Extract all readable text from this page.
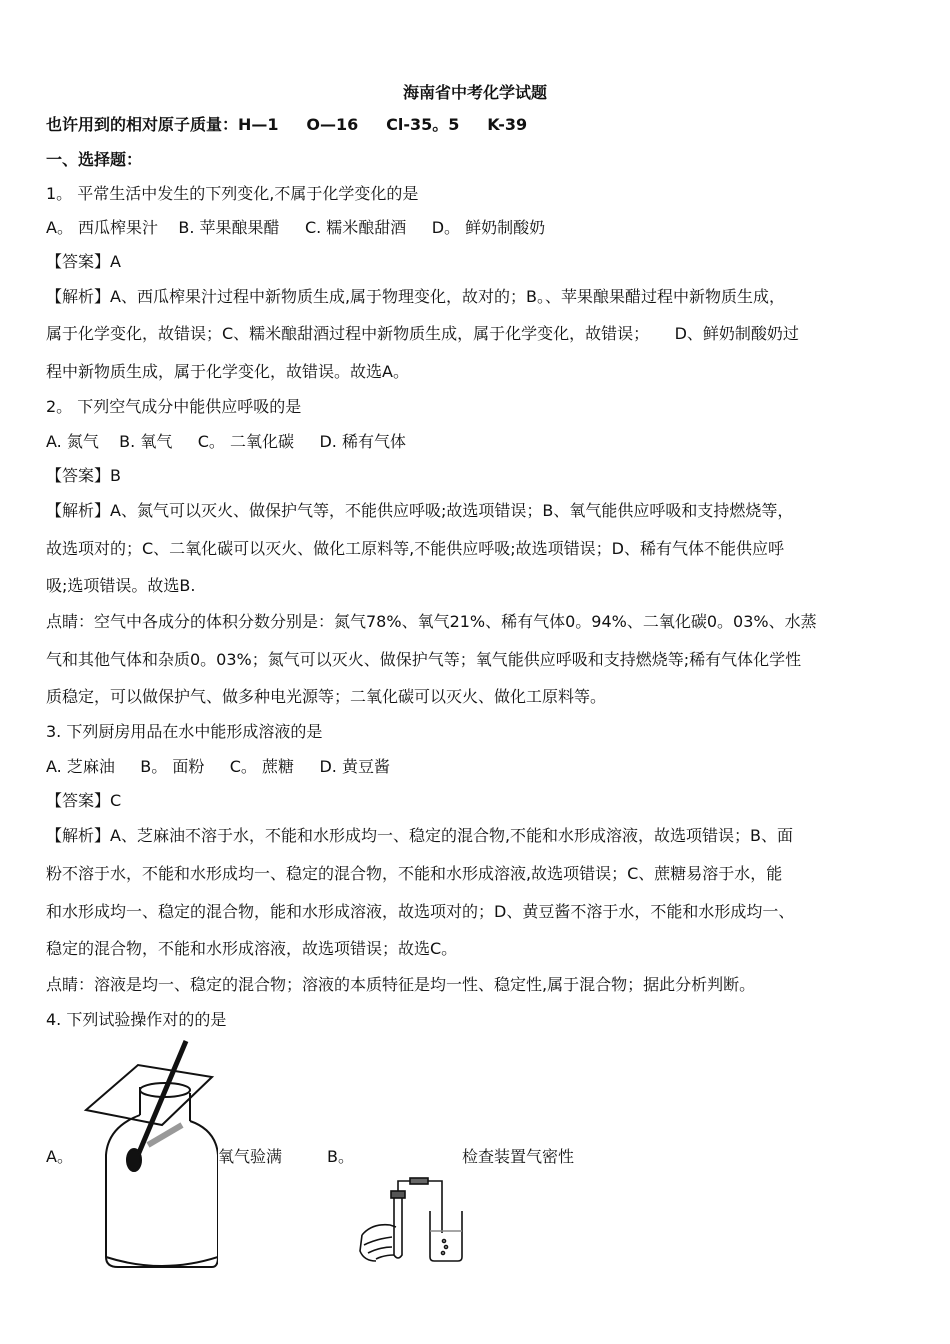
海南省中考化学试题
也许用到的相对原子质量：H—1     O—16     Cl-35。5     K-39
一、选择题：
1。 平常生活中发生的下列变化,不属于化学变化的是
A。 西瓜榨果汁    B. 苹果酿果醋     C. 糯米酿甜酒     D。 鲜奶制酸奶
【答案】A
【解析】A、西瓜榨果汁过程中新物质生成,属于物理变化，故对的；B。、苹果酿果醋过程中新物质生成，
属于化学变化，故错误；C、糯米酿甜酒过程中新物质生成，属于化学变化，故错误；     D、鲜奶制酸奶过
程中新物质生成，属于化学变化，故错误。故选A。
2。 下列空气成分中能供应呼吸的是
A. 氮气    B. 氧气     C。 二氧化碳     D. 稀有气体
【答案】B
【解析】A、氮气可以灭火、做保护气等，不能供应呼吸;故选项错误；B、氧气能供应呼吸和支持燃烧等，
故选项对的；C、二氧化碳可以灭火、做化工原料等,不能供应呼吸;故选项错误；D、稀有气体不能供应呼
吸;选项错误。故选B.
点睛：空气中各成分的体积分数分别是：氮气78%、氧气21%、稀有气体0。94%、二氧化碳0。03%、水蒸
气和其他气体和杂质0。03%；氮气可以灭火、做保护气等；氧气能供应呼吸和支持燃烧等;稀有气体化学性
质稳定，可以做保护气、做多种电光源等；二氧化碳可以灭火、做化工原料等。
3. 下列厨房用品在水中能形成溶液的是
A. 芝麻油     B。 面粉     C。 蔗糖     D. 黄豆酱
【答案】C
【解析】A、芝麻油不溶于水，不能和水形成均一、稳定的混合物,不能和水形成溶液，故选项错误；B、面
粉不溶于水，不能和水形成均一、稳定的混合物，不能和水形成溶液,故选项错误；C、蔗糖易溶于水，能
和水形成均一、稳定的混合物，能和水形成溶液，故选项对的；D、黄豆酱不溶于水，不能和水形成均一、
稳定的混合物，不能和水形成溶液，故选项错误；故选C。
点睛：溶液是均一、稳定的混合物；溶液的本质特征是均一性、稳定性,属于混合物；据此分析判断。
4. 下列试验操作对的的是
A。	氧气验满	B。	检查装置气密性
